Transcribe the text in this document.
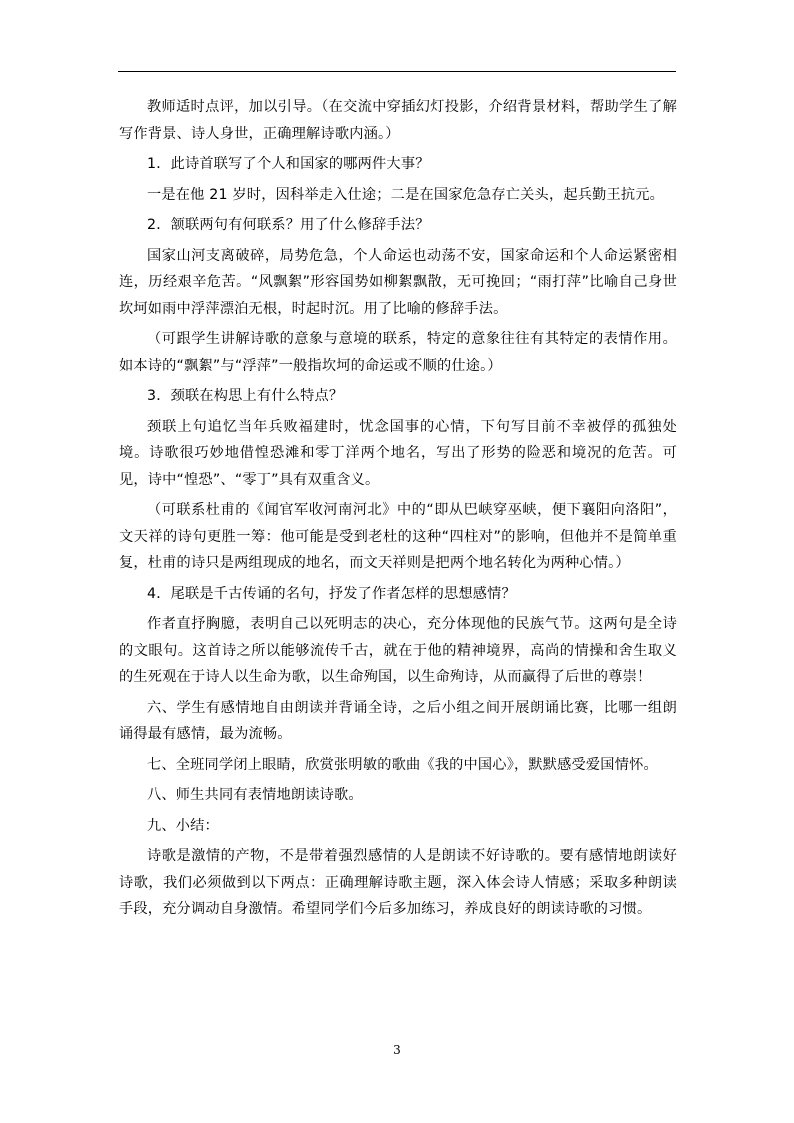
教师适时点评，加以引导。（在交流中穿插幻灯投影，介绍背景材料，帮助学生了解写作背景、诗人身世，正确理解诗歌内涵。）

1．此诗首联写了个人和国家的哪两件大事？

一是在他 21 岁时，因科举走入仕途；二是在国家危急存亡关头，起兵勤王抗元。

2．颔联两句有何联系？用了什么修辞手法？

国家山河支离破碎，局势危急，个人命运也动荡不安，国家命运和个人命运紧密相连，历经艰辛危苦。“风飘絮”形容国势如柳絮飘散，无可挽回；“雨打萍”比喻自己身世坎坷如雨中浮萍漂泊无根，时起时沉。用了比喻的修辞手法。

（可跟学生讲解诗歌的意象与意境的联系，特定的意象往往有其特定的表情作用。如本诗的“飘絮”与“浮萍”一般指坎坷的命运或不顺的仕途。）

3．颈联在构思上有什么特点？

颈联上句追忆当年兵败福建时，忧念国事的心情，下句写目前不幸被俘的孤独处境。诗歌很巧妙地借惶恐滩和零丁洋两个地名，写出了形势的险恶和境况的危苦。可见，诗中“惶恐”、“零丁”具有双重含义。

（可联系杜甫的《闻官军收河南河北》中的“即从巴峡穿巫峡，便下襄阳向洛阳”，文天祥的诗句更胜一筹：他可能是受到老杜的这种“四柱对”的影响，但他并不是简单重复，杜甫的诗只是两组现成的地名，而文天祥则是把两个地名转化为两种心情。）

4．尾联是千古传诵的名句，抒发了作者怎样的思想感情？

作者直抒胸臆，表明自己以死明志的决心，充分体现他的民族气节。这两句是全诗的文眼句。这首诗之所以能够流传千古，就在于他的精神境界，高尚的情操和舍生取义的生死观在于诗人以生命为歌，以生命殉国，以生命殉诗，从而赢得了后世的尊崇！

六、学生有感情地自由朗读并背诵全诗，之后小组之间开展朗诵比赛，比哪一组朗诵得最有感情，最为流畅。

七、全班同学闭上眼睛，欣赏张明敏的歌曲《我的中国心》，默默感受爱国情怀。

八、师生共同有表情地朗读诗歌。

九、小结：

诗歌是激情的产物，不是带着强烈感情的人是朗读不好诗歌的。要有感情地朗读好诗歌，我们必须做到以下两点：正确理解诗歌主题，深入体会诗人情感；采取多种朗读手段，充分调动自身激情。希望同学们今后多加练习，养成良好的朗读诗歌的习惯。

3
